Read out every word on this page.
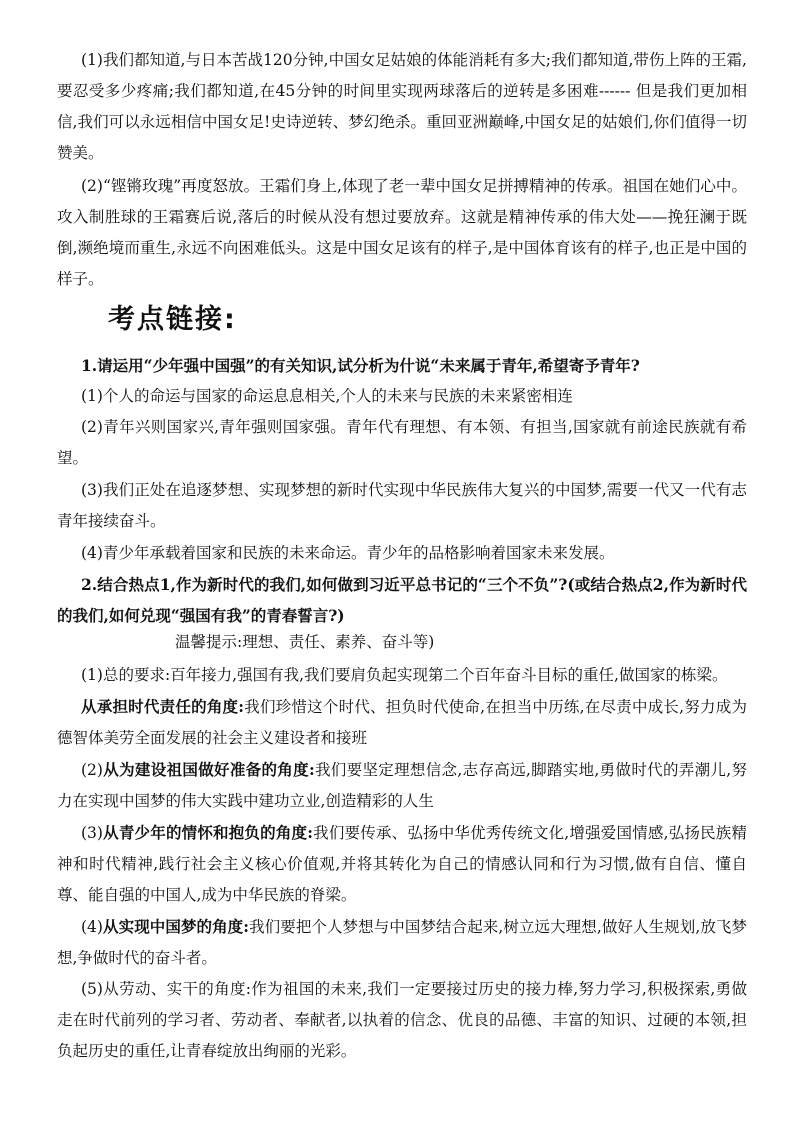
(1)我们都知道,与日本苦战120分钟,中国女足姑娘的体能消耗有多大;我们都知道,带伤上阵的王霜,要忍受多少疼痛;我们都知道,在45分钟的时间里实现两球落后的逆转是多困难------ 但是我们更加相信,我们可以永远相信中国女足!史诗逆转、梦幻绝杀。重回亚洲巅峰,中国女足的姑娘们,你们值得一切赞美。

(2)“铿锵玫瑰”再度怒放。王霜们身上,体现了老一辈中国女足拼搏精神的传承。祖国在她们心中。攻入制胜球的王霜赛后说,落后的时候从没有想过要放弃。这就是精神传承的伟大处——挽狂澜于既倒,濒绝境而重生,永远不向困难低头。这是中国女足该有的样子,是中国体育该有的样子,也正是中国的样子。

考点链接:

1.请运用“少年强中国强”的有关知识,试分析为什说“未来属于青年,希望寄予青年?

(1)个人的命运与国家的命运息息相关,个人的未来与民族的未来紧密相连

(2)青年兴则国家兴,青年强则国家强。青年代有理想、有本领、有担当,国家就有前途民族就有希望。

(3)我们正处在追逐梦想、实现梦想的新时代实现中华民族伟大复兴的中国梦,需要一代又一代有志青年接续奋斗。

(4)青少年承载着国家和民族的未来命运。青少年的品格影响着国家未来发展。

2.结合热点1,作为新时代的我们,如何做到习近平总书记的“三个不负”?(或结合热点2,作为新时代的我们,如何兑现“强国有我”的青春誓言?)

温馨提示:理想、责任、素养、奋斗等)

(1)总的要求:百年接力,强国有我,我们要肩负起实现第二个百年奋斗目标的重任,做国家的栋梁。

从承担时代责任的角度:我们珍惜这个时代、担负时代使命,在担当中历练,在尽责中成长,努力成为德智体美劳全面发展的社会主义建设者和接班

(2)从为建设祖国做好准备的角度:我们要坚定理想信念,志存高远,脚踏实地,勇做时代的弄潮儿,努力在实现中国梦的伟大实践中建功立业,创造精彩的人生

(3)从青少年的情怀和抱负的角度:我们要传承、弘扬中华优秀传统文化,增强爱国情感,弘扬民族精神和时代精神,践行社会主义核心价值观,并将其转化为自己的情感认同和行为习惯,做有自信、懂自尊、能自强的中国人,成为中华民族的脊梁。

(4)从实现中国梦的角度:我们要把个人梦想与中国梦结合起来,树立远大理想,做好人生规划,放飞梦想,争做时代的奋斗者。

(5)从劳动、实干的角度:作为祖国的未来,我们一定要接过历史的接力棒,努力学习,积极探索,勇做走在时代前列的学习者、劳动者、奉献者,以执着的信念、优良的品德、丰富的知识、过硬的本领,担负起历史的重任,让青春绽放出绚丽的光彩。
